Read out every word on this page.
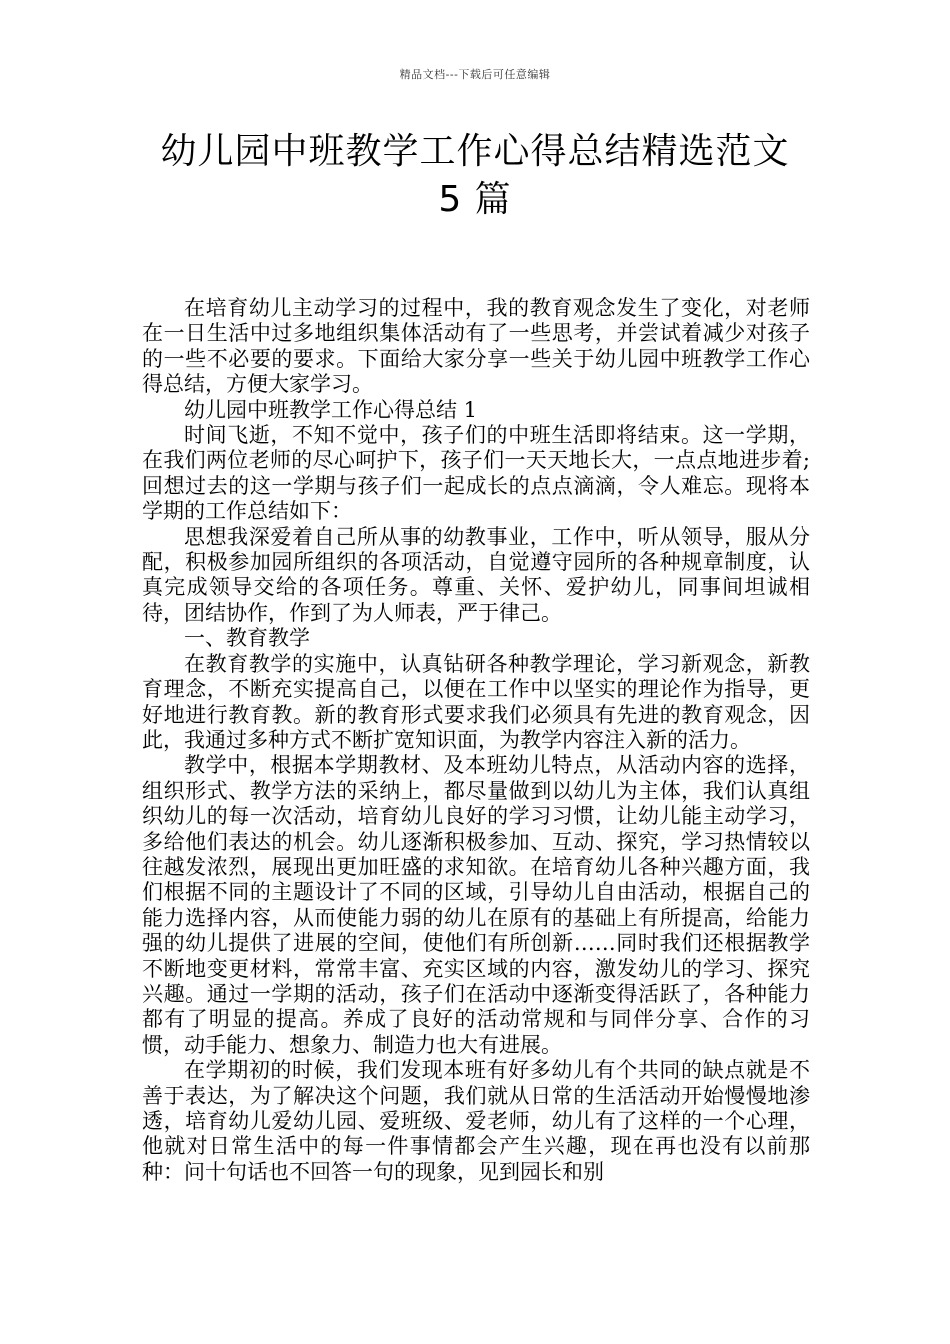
精品文档---下载后可任意编辑
幼儿园中班教学工作心得总结精选范文
5 篇

在培育幼儿主动学习的过程中，我的教育观念发生了变化，对老师在一日生活中过多地组织集体活动有了一些思考，并尝试着减少对孩子的一些不必要的要求。下面给大家分享一些关于幼儿园中班教学工作心得总结，方便大家学习。

幼儿园中班教学工作心得总结 1

时间飞逝，不知不觉中，孩子们的中班生活即将结束。这一学期，在我们两位老师的尽心呵护下，孩子们一天天地长大，一点点地进步着;回想过去的这一学期与孩子们一起成长的点点滴滴，令人难忘。现将本学期的工作总结如下：

思想我深爱着自己所从事的幼教事业，工作中，听从领导，服从分配，积极参加园所组织的各项活动，自觉遵守园所的各种规章制度，认真完成领导交给的各项任务。尊重、关怀、爱护幼儿，同事间坦诚相待，团结协作，作到了为人师表，严于律己。

一、教育教学

在教育教学的实施中，认真钻研各种教学理论，学习新观念，新教育理念，不断充实提高自己，以便在工作中以坚实的理论作为指导，更好地进行教育教。新的教育形式要求我们必须具有先进的教育观念，因此，我通过多种方式不断扩宽知识面，为教学内容注入新的活力。

教学中，根据本学期教材、及本班幼儿特点，从活动内容的选择，组织形式、教学方法的采纳上，都尽量做到以幼儿为主体，我们认真组织幼儿的每一次活动，培育幼儿良好的学习习惯，让幼儿能主动学习，多给他们表达的机会。幼儿逐渐积极参加、互动、探究，学习热情较以往越发浓烈，展现出更加旺盛的求知欲。在培育幼儿各种兴趣方面，我们根据不同的主题设计了不同的区域，引导幼儿自由活动，根据自己的能力选择内容，从而使能力弱的幼儿在原有的基础上有所提高，给能力强的幼儿提供了进展的空间，使他们有所创新……同时我们还根据教学不断地变更材料，常常丰富、充实区域的内容，激发幼儿的学习、探究兴趣。通过一学期的活动，孩子们在活动中逐渐变得活跃了，各种能力都有了明显的提高。养成了良好的活动常规和与同伴分享、合作的习惯，动手能力、想象力、制造力也大有进展。

在学期初的时候，我们发现本班有好多幼儿有个共同的缺点就是不善于表达，为了解决这个问题，我们就从日常的生活活动开始慢慢地渗透，培育幼儿爱幼儿园、爱班级、爱老师，幼儿有了这样的一个心理，他就对日常生活中的每一件事情都会产生兴趣，现在再也没有以前那种：问十句话也不回答一句的现象，见到园长和别
